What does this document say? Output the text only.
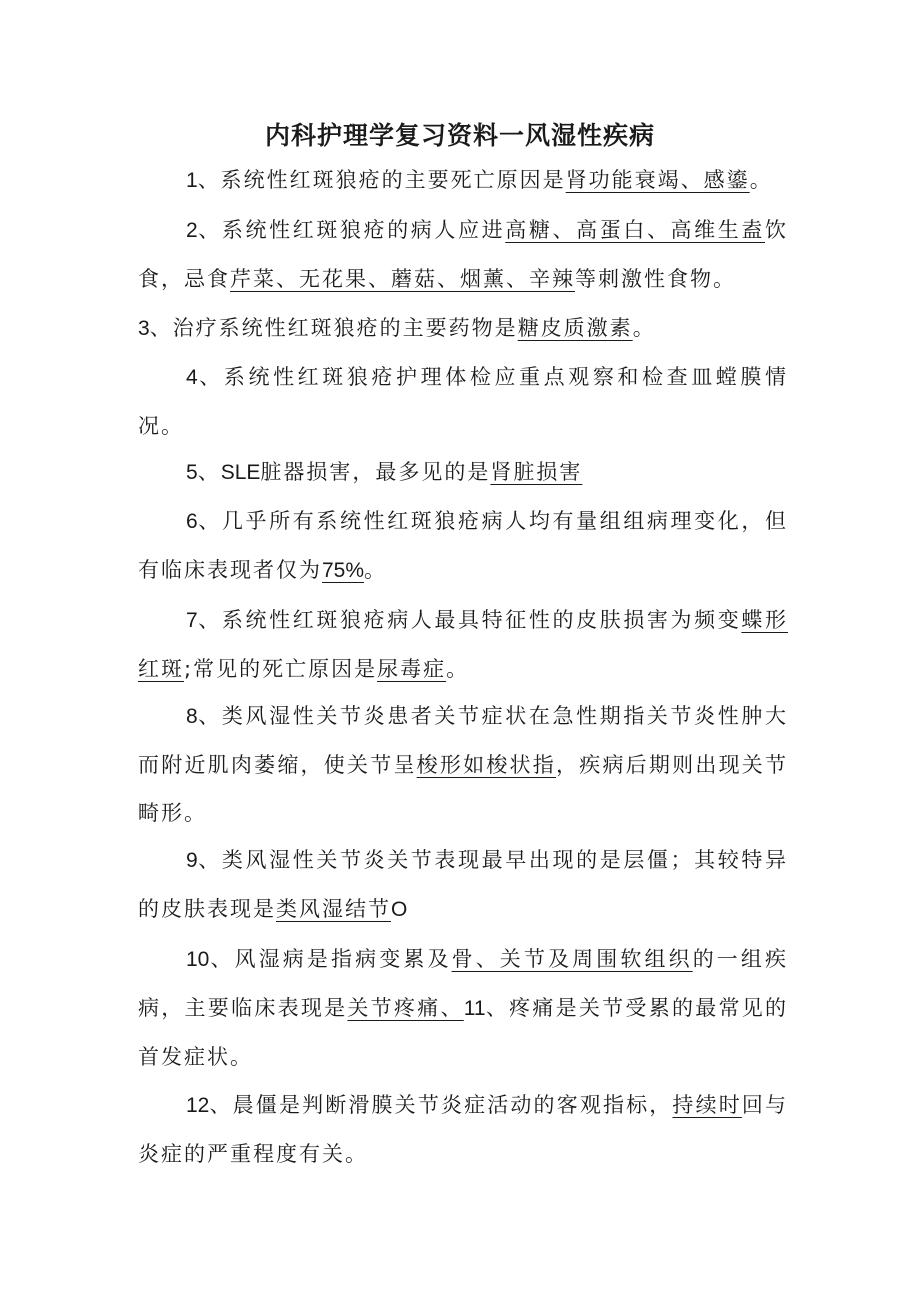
内科护理学复习资料一风湿性疾病

1、系统性红斑狼疮的主要死亡原因是肾功能衰竭、感鎏。

2、系统性红斑狼疮的病人应进高糖、高蛋白、高维生盍饮食，忌食芹菜、无花果、蘑菇、烟薰、辛辣等刺激性食物。

3、治疗系统性红斑狼疮的主要药物是糖皮质激素。

4、系统性红斑狼疮护理体检应重点观察和检查皿螳膜情况。

5、SLE脏器损害，最多见的是肾脏损害

6、几乎所有系统性红斑狼疮病人均有量组组病理变化，但有临床表现者仅为75%。

7、系统性红斑狼疮病人最具特征性的皮肤损害为频变蝶形红斑;常见的死亡原因是尿毒症。

8、类风湿性关节炎患者关节症状在急性期指关节炎性肿大而附近肌肉萎缩，使关节呈梭形如梭状指，疾病后期则出现关节畸形。

9、类风湿性关节炎关节表现最早出现的是层僵；其较特异的皮肤表现是类风湿结节O

10、风湿病是指病变累及骨、关节及周围软组织的一组疾病，主要临床表现是关节疼痛、11、疼痛是关节受累的最常见的首发症状。

12、晨僵是判断滑膜关节炎症活动的客观指标，持续时回与炎症的严重程度有关。
